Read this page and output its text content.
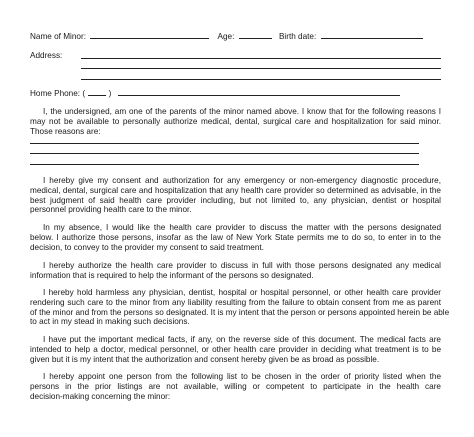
Name of Minor:	Age:	Birth date:
Address:
Home Phone: (	)
I, the undersigned, am one of the parents of the minor named above. I know that for the following reasons I
may not be available to personally authorize medical, dental, surgical care and hospitalization for said minor.
Those reasons are:
I hereby give my consent and authorization for any emergency or non-emergency diagnostic procedure,
medical, dental, surgical care and hospitalization that any health care provider so determined as advisable, in the
best judgment of said health care provider including, but not limited to, any physician, dentist or hospital
personnel providing health care to the minor.
In my absence, I would like the health care provider to discuss the matter with the persons designated
below. I authorize those persons, insofar as the law of New York State permits me to do so, to enter in to the
decision, to convey to the provider my consent to said treatment.
I hereby authorize the health care provider to discuss in full with those persons designated any medical
information that is required to help the informant of the persons so designated.
I hereby hold harmless any physician, dentist, hospital or hospital personnel, or other health care provider
rendering such care to the minor from any liability resulting from the failure to obtain consent from me as parent
of the minor and from the persons so designated. It is my intent that the person or persons appointed herein be able
to act in my stead in making such decisions.
I have put the important medical facts, if any, on the reverse side of this document. The medical facts are
intended to help a doctor, medical personnel, or other health care provider in deciding what treatment is to be
given but it is my intent that the authorization and consent hereby given be as broad as possible.
I hereby appoint one person from the following list to be chosen in the order of priority listed when the
persons in the prior listings are not available, willing or competent to participate in the health care
decision-making concerning the minor:
